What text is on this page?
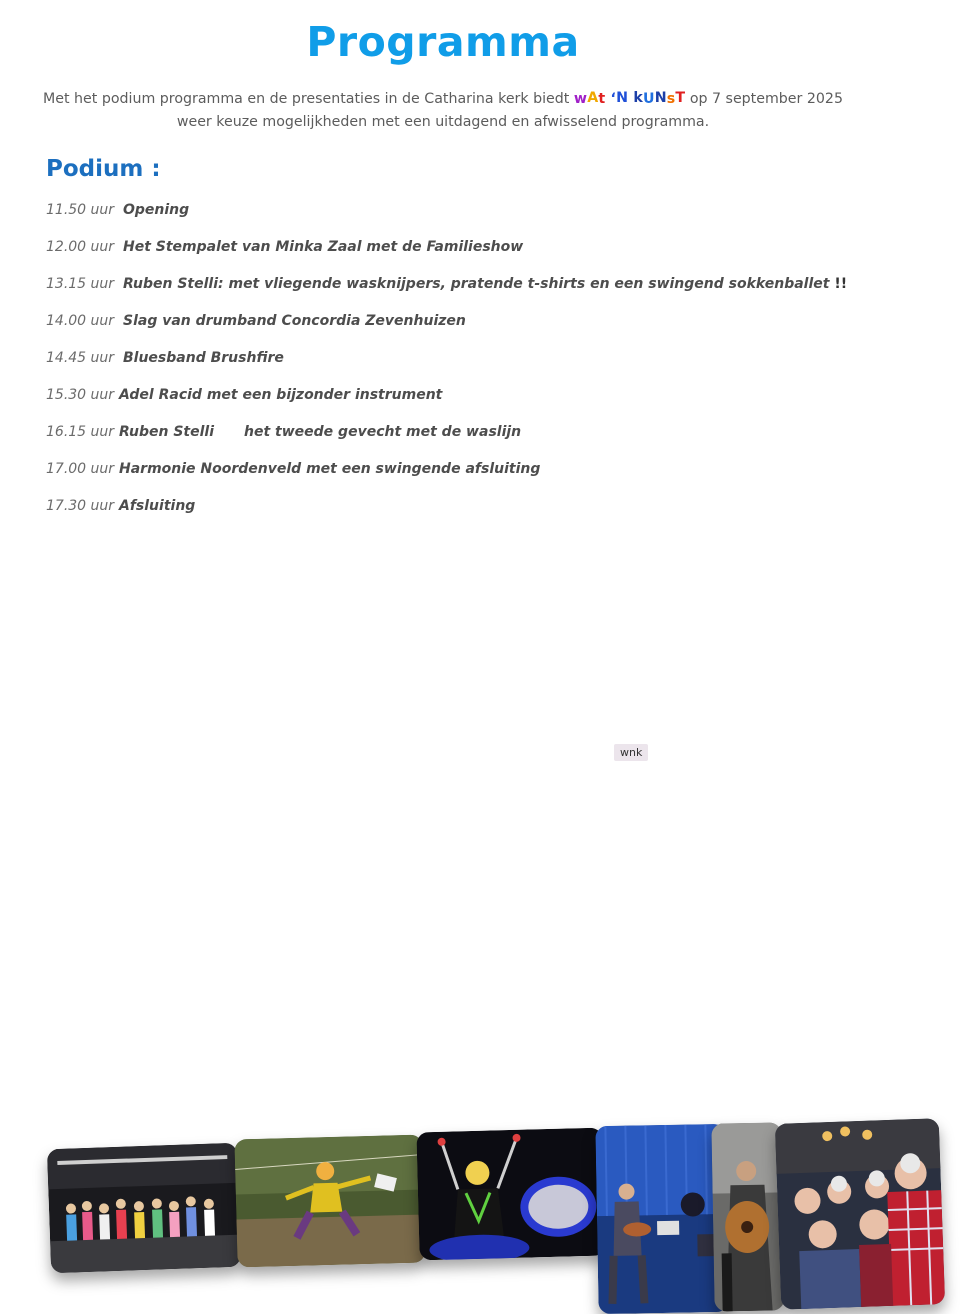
Programma

Met het podium programma en de presentaties in de Catharina kerk biedt wAt ‘N kUNsT op 7 september 2025
weer keuze mogelijkheden met een uitdagend en afwisselend programma.

Podium :
11.50 uur Opening
12.00 uur Het Stempalet van Minka Zaal met de Familieshow
13.15 uur Ruben Stelli: met vliegende wasknijpers, pratende t-shirts en een swingend sokkenballet !!
14.00 uur Slag van drumband Concordia Zevenhuizen
14.45 uur Bluesband Brushfire
15.30 uur Adel Racid met een bijzonder instrument
16.15 uur Ruben Stelli het tweede gevecht met de waslijn
17.00 uur Harmonie Noordenveld met een swingende afsluiting
17.30 uur Afsluiting
wnk
